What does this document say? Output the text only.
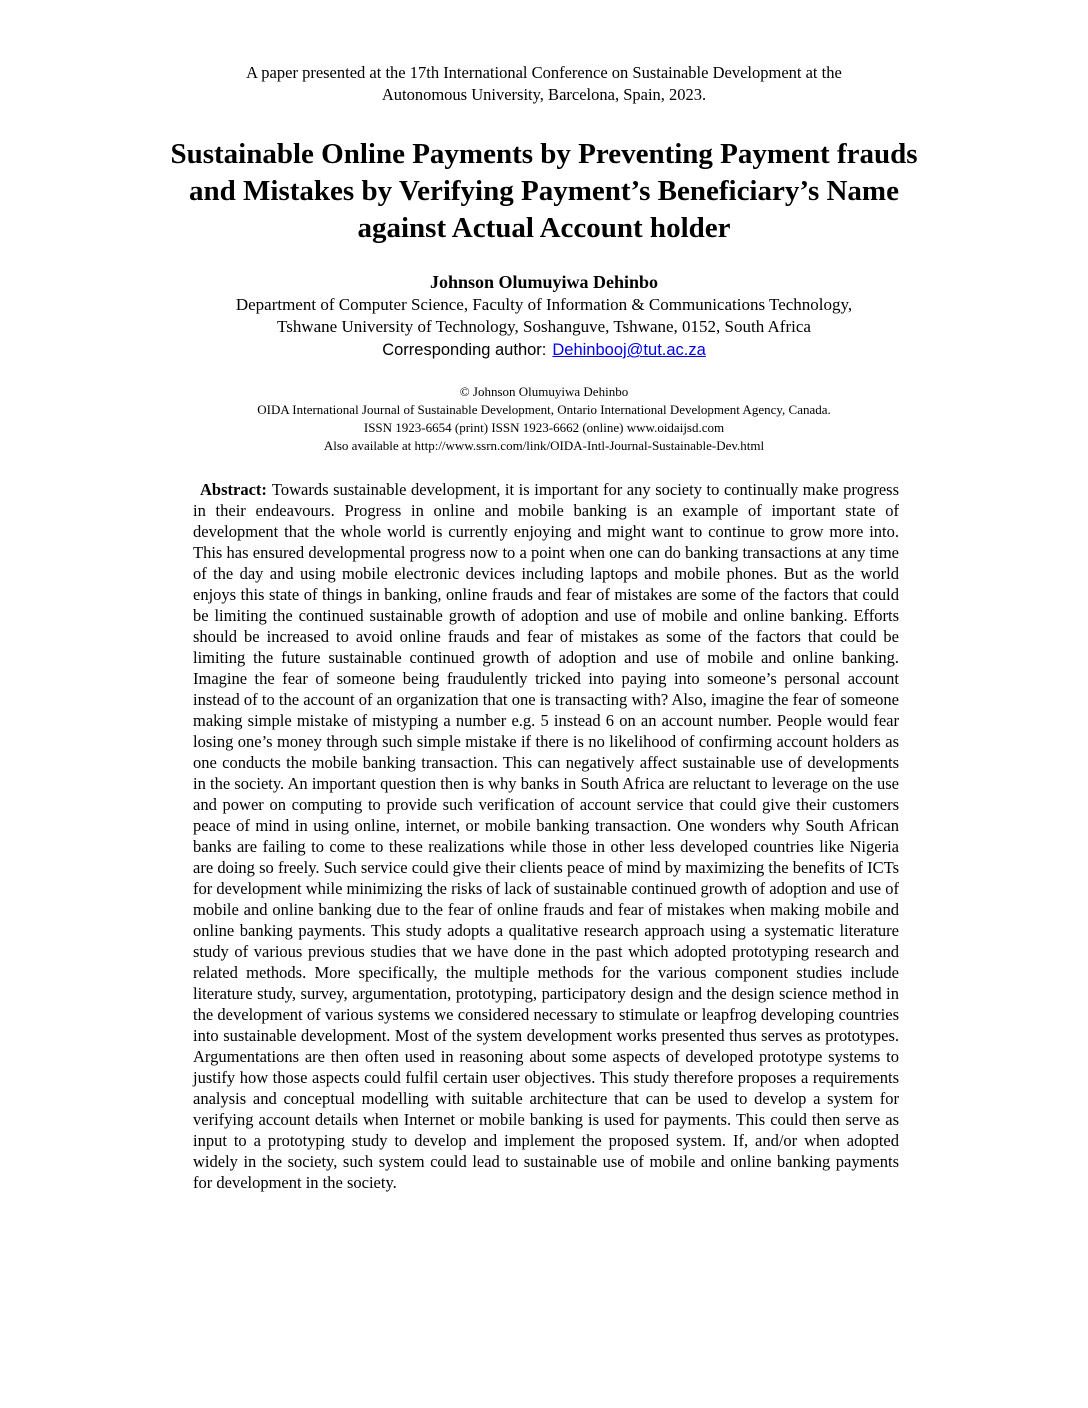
A paper presented at the 17th International Conference on Sustainable Development at the
Autonomous University, Barcelona, Spain, 2023.
Sustainable Online Payments by Preventing Payment frauds
and Mistakes by Verifying Payment’s Beneficiary’s Name
against Actual Account holder
Johnson Olumuyiwa Dehinbo
Department of Computer Science, Faculty of Information & Communications Technology,
Tshwane University of Technology, Soshanguve, Tshwane, 0152, South Africa
Corresponding author: Dehinbooj@tut.ac.za
© Johnson Olumuyiwa Dehinbo
OIDA International Journal of Sustainable Development, Ontario International Development Agency, Canada.
ISSN 1923-6654 (print) ISSN 1923-6662 (online) www.oidaijsd.com
Also available at http://www.ssrn.com/link/OIDA-Intl-Journal-Sustainable-Dev.html

Abstract: Towards sustainable development, it is important for any society to continually make progress in their endeavours. Progress in online and mobile banking is an example of important state of development that the whole world is currently enjoying and might want to continue to grow more into. This has ensured developmental progress now to a point when one can do banking transactions at any time of the day and using mobile electronic devices including laptops and mobile phones. But as the world enjoys this state of things in banking, online frauds and fear of mistakes are some of the factors that could be limiting the continued sustainable growth of adoption and use of mobile and online banking. Efforts should be increased to avoid online frauds and fear of mistakes as some of the factors that could be limiting the future sustainable continued growth of adoption and use of mobile and online banking. Imagine the fear of someone being fraudulently tricked into paying into someone’s personal account instead of to the account of an organization that one is transacting with? Also, imagine the fear of someone making simple mistake of mistyping a number e.g. 5 instead 6 on an account number. People would fear losing one’s money through such simple mistake if there is no likelihood of confirming account holders as one conducts the mobile banking transaction. This can negatively affect sustainable use of developments in the society. An important question then is why banks in South Africa are reluctant to leverage on the use and power on computing to provide such verification of account service that could give their customers peace of mind in using online, internet, or mobile banking transaction. One wonders why South African banks are failing to come to these realizations while those in other less developed countries like Nigeria are doing so freely. Such service could give their clients peace of mind by maximizing the benefits of ICTs for development while minimizing the risks of lack of sustainable continued growth of adoption and use of mobile and online banking due to the fear of online frauds and fear of mistakes when making mobile and online banking payments. This study adopts a qualitative research approach using a systematic literature study of various previous studies that we have done in the past which adopted prototyping research and related methods. More specifically, the multiple methods for the various component studies include literature study, survey, argumentation, prototyping, participatory design and the design science method in the development of various systems we considered necessary to stimulate or leapfrog developing countries into sustainable development. Most of the system development works presented thus serves as prototypes. Argumentations are then often used in reasoning about some aspects of developed prototype systems to justify how those aspects could fulfil certain user objectives. This study therefore proposes a requirements analysis and conceptual modelling with suitable architecture that can be used to develop a system for verifying account details when Internet or mobile banking is used for payments. This could then serve as input to a prototyping study to develop and implement the proposed system. If, and/or when adopted widely in the society, such system could lead to sustainable use of mobile and online banking payments for development in the society.
